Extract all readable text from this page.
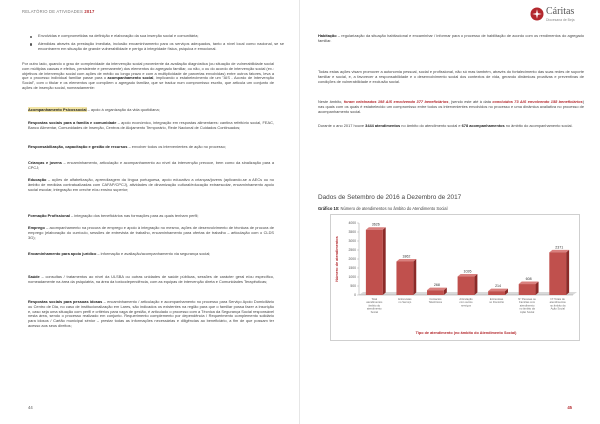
RELATÓRIO DE ATIVIDADES 2017
Envolvidas e comprometidas na definição e elaboração da sua inserção social e comunitária;
Atendidas através da prestação imediata, inclusão encaminhamento para os serviços adequados, tanto a nível local como nacional, se se encontrarem em situação de grande vulnerabilidade e perigo à integridade física, psíquica e emocional.

Por outro lado, quando o grau de complexidade da intervenção social proveniente da avaliação diagnóstica (ou situação de vulnerabilidade social com múltiplas causas e efeitos, persistente e permanente) dos elementos do agregado familiar, ou não, o ou do acordo de intervenção social (ex.: objetivos de intervenção social com ações de médio ou longo prazo e com a multiplicidade de parcerias envolvidas) entre outros fatores, leva a que o processo individual familiar passe para o acompanhamento social, implicando o estabelecimento de um "AIS - Acordo de Intervenção Social", com o titular e os elementos que compõem o agregado familiar, que se traduz num compromisso escrito, que articula um conjunto de ações de inserção social, nomeadamente:

Acompanhamento Psicossocial – apoio à organização da vida quotidiana;

Respostas sociais para a família e comunidade – apoio económico, integração em respostas alimentares: cantina refeitório social, FEAC, Banco Alimentar, Comunidades de Inserção, Centros de Alojamento Temporário, Rede Nacional de Cuidados Continuados;

Responsabilização, capacitação e gestão de recursos – envolver todos os intervenientes de ação no processo;

Crianças e jovens – encaminhamento, articulação e acompanhamento ao nível da intervenção precoce, bem como da sinalização para a CPCJ;

Educação – ações de alfabetização, aprendizagem da língua portuguesa, apoio educativo a crianças/jovens (aplicando-se a AECs ou no âmbito de medidas contratualizadas com CAFAP/CPCJ), atividades de dinamização cultural/educação extraescolar, encaminhamento apoio social escolar, integração em creche e/ou ensino superior;

Formação Profissional – integração dos beneficiários nas formações para as quais tenham perfil;

Emprego – acompanhamento na procura de emprego e apoio à integração no mesmo, ações de desenvolvimento de técnicas de procura de emprego (elaboração do currículo, sessões de entrevista de trabalho, encaminhamento para ofertas de trabalho – articulação com o CLDS 3G);

Encaminhamento para apoio jurídico – informação e avaliação/acompanhamento via segurança social;

Saúde – consultas / tratamentos ao nível da ULSBA ou outras unidades de saúde públicas, sessões de carácter geral e/ou específico, nomeadamente na área da psiquiatria, na área da toxicodependência, com as equipas de intervenção direta e Comunidades Terapêuticas;

Respostas sociais para pessoas idosas – encaminhamento / articulação e acompanhamento no processo para Serviço Apoio Domiciliário ou Centro de Dia, no caso de institucionalização em Lares, são indicados os existentes na região para que o familiar possa fazer a inscrição e, caso seja uma situação com perfil e critérios para vaga de gestão, é articulado o processo com a Técnica da Segurança Social responsável nesta área, sendo o processo realizado em conjunto. Requerimento complemento por dependência / Requerimento complemento solidário para idosos / Cartão municipal sénior – prestar todas as informações necessárias e diligências ao beneficiário, a fim de que possam ter acesso aos seus direitos;

44
Cáritas
Diocesana de Beja

Habitação – regularização da situação habitacional e encaminhar / informar para o processo de habilitação de acordo com os rendimentos do agregado familiar.

Todas estas ações visam promover a autonomia pessoal, social e profissional, não só mas também, através do fortalecimento das suas redes de suporte familiar e social, e, a favorecer a responsabilidade e o desenvolvimento social dos contextos de vida, gerando dinâmicas proativas e preventivas de condições de vulnerabilidade e exclusão social.

Neste âmbito, foram celebrados 198 AIS envolvendo 377 beneficiários, (sendo este até à data concluídos 73 AIS envolvendo 158 beneficiários) nas quais com os quais é estabelecido um compromisso entre todos os intervenientes envolvidos no processo e uma dinâmica avaliativa no processo de acompanhamento social.

Durante o ano 2017 houve 3444 atendimentos no âmbito do atendimento social e 678 acompanhamentos no âmbito do acompanhamento social.

Dados de Setembro de 2016 a Dezembro de 2017
Gráfico 10: Número de atendimentos no âmbito do Atendimento Social
0
500
1000
1500
2000
2500
3000
3500
4000
Número de atendimentos
3626
Total atendimentos âmbito do atendimento Social
1862
Entrevistas no Serviço
268
Contactos Telefónicos
1026
Articulação com outros serviços
214
Entrevistas no Domicílio
608
Nº Pessoas ou Famílias com atendimento no âmbito da Ação Social
2371
Nº Totais de atendimentos no âmbito da Ação Social
Tipo de atendimento (no âmbito do Atendimento Social)
45
